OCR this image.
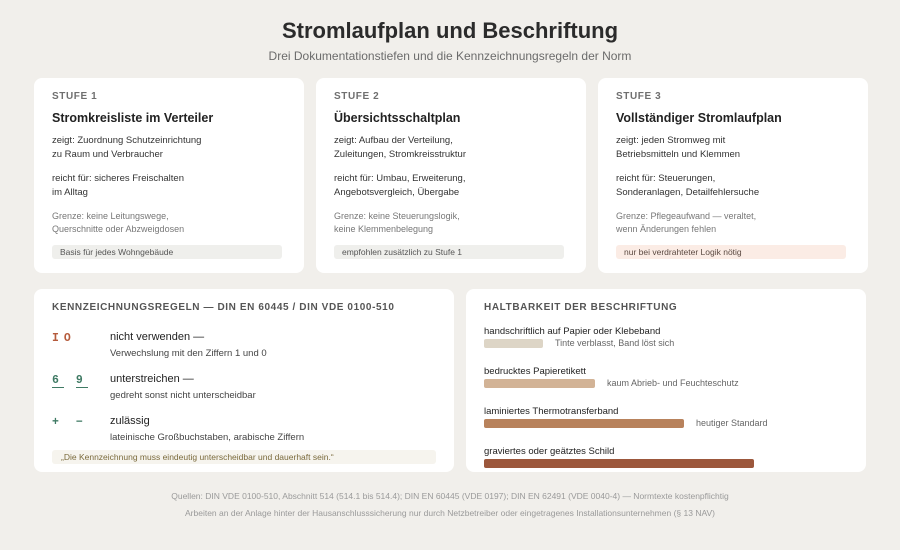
Stromlaufplan und Beschriftung
Drei Dokumentationstiefen und die Kennzeichnungsregeln der Norm
STUFE 1
Stromkreisliste im Verteiler
zeigt: Zuordnung Schutzeinrichtung
zu Raum und Verbraucher
reicht für: sicheres Freischalten
im Alltag
Grenze: keine Leitungswege,
Querschnitte oder Abzweigdosen
Basis für jedes Wohngebäude
STUFE 2
Übersichtsschaltplan
zeigt: Aufbau der Verteilung,
Zuleitungen, Stromkreisstruktur
reicht für: Umbau, Erweiterung,
Angebotsvergleich, Übergabe
Grenze: keine Steuerungslogik,
keine Klemmenbelegung
empfohlen zusätzlich zu Stufe 1
STUFE 3
Vollständiger Stromlaufplan
zeigt: jeden Stromweg mit
Betriebsmitteln und Klemmen
reicht für: Steuerungen,
Sonderanlagen, Detailfehlersuche
Grenze: Pflegeaufwand — veraltet,
wenn Änderungen fehlen
nur bei verdrahteter Logik nötig
KENNZEICHNUNGSREGELN — DIN EN 60445 / DIN VDE 0100-510
IO	nicht verwenden —
Verwechslung mit den Ziffern 1 und 0
6 9 unterstreichen —
gedreht sonst nicht unterscheidbar
+ − zulässig
lateinische Großbuchstaben, arabische Ziffern
„Die Kennzeichnung muss eindeutig unterscheidbar und dauerhaft sein.“
HALTBARKEIT DER BESCHRIFTUNG
handschriftlich auf Papier oder Klebeband
Tinte verblasst, Band löst sich
bedrucktes Papieretikett
kaum Abrieb- und Feuchteschutz
laminiertes Thermotransferband
heutiger Standard
graviertes oder geätztes Schild
Quellen: DIN VDE 0100-510, Abschnitt 514 (514.1 bis 514.4); DIN EN 60445 (VDE 0197); DIN EN 62491 (VDE 0040-4) — Normtexte kostenpflichtig
Arbeiten an der Anlage hinter der Hausanschlusssicherung nur durch Netzbetreiber oder eingetragenes Installationsunternehmen (§ 13 NAV)
